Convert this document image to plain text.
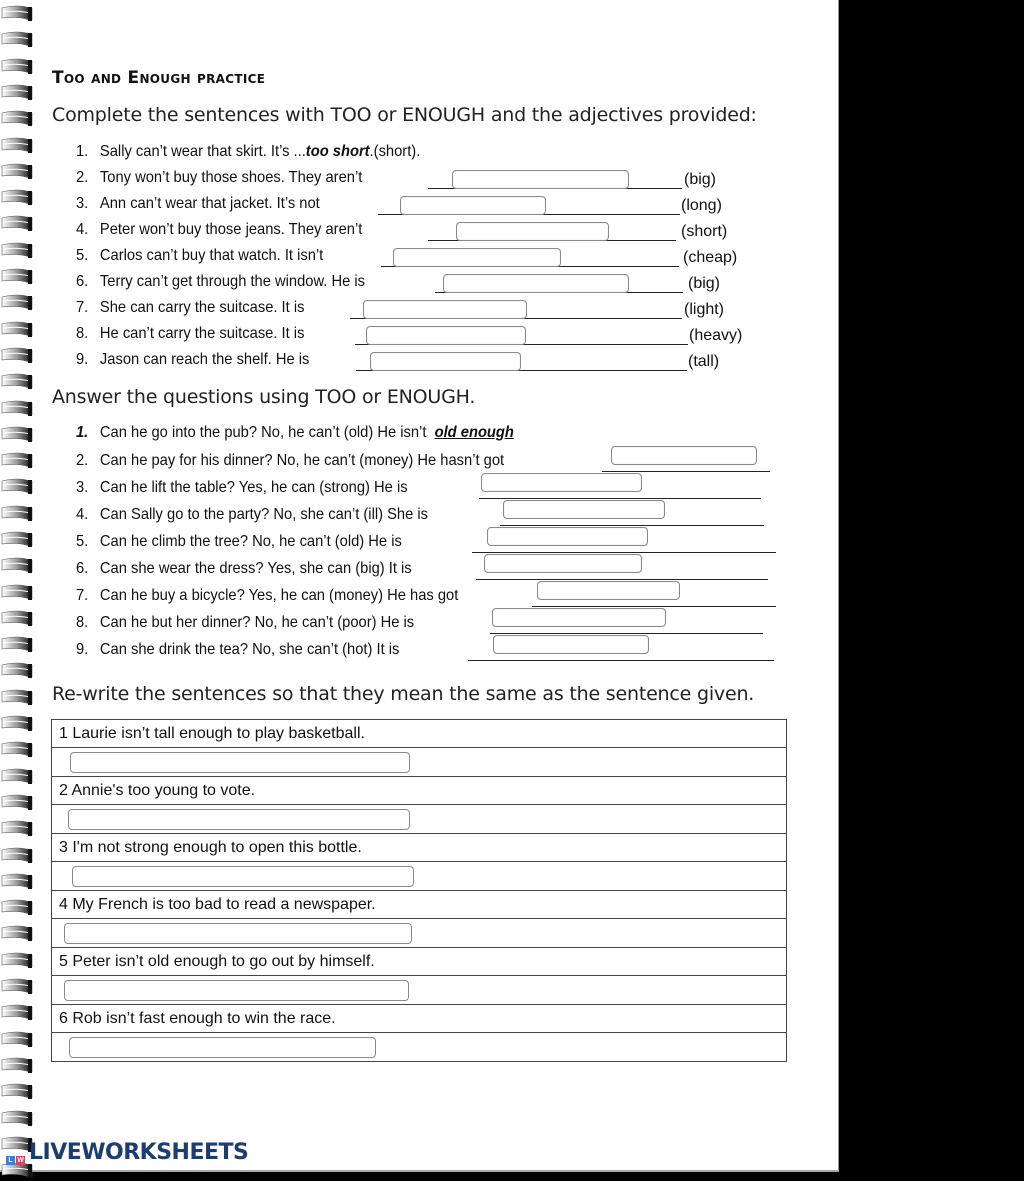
Too and Enough practice
Complete the sentences with TOO or ENOUGH and the adjectives provided:
1. Sally can’t wear that skirt. It’s ...too short.(short).
Answer the questions using TOO or ENOUGH.
1. Can he go into the pub? No, he can’t (old) He isn’t old enough
Re-write the sentences so that they mean the same as the sentence given.
1 Laurie isn’t tall enough to play basketball.

2 Annie's too young to vote.

3 I'm not strong enough to open this bottle.

4 My French is too bad to read a newspaper.

5 Peter isn’t old enough to go out by himself.

6 Rob isn’t fast enough to win the race.

L W LIVEWORKSHEETS
2. Tony won’t buy those shoes. They aren’t	(big)
3. Ann can’t wear that jacket. It’s not	(long)
4. Peter won’t buy those jeans. They aren’t	(short)
5. Carlos can’t buy that watch. It isn’t	(cheap)
6. Terry can’t get through the window. He is	(big)
7. She can carry the suitcase. It is	(light)
8. He can’t carry the suitcase. It is	(heavy)
9. Jason can reach the shelf. He is	(tall)
2. Can he pay for his dinner? No, he can’t (money) He hasn’t got
3. Can he lift the table? Yes, he can (strong) He is
4. Can Sally go to the party? No, she can’t (ill) She is
5. Can he climb the tree? No, he can’t (old) He is
6. Can she wear the dress? Yes, she can (big) It is
7. Can he buy a bicycle? Yes, he can (money) He has got
8. Can he but her dinner? No, he can’t (poor) He is
9. Can she drink the tea? No, she can’t (hot) It is
